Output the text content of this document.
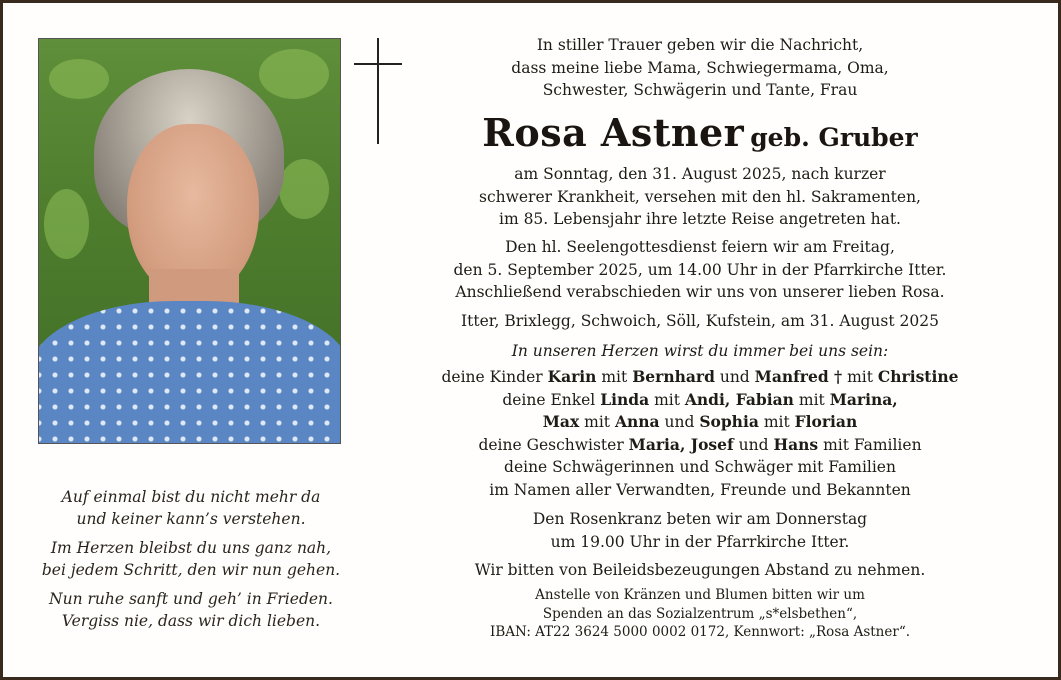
In stiller Trauer geben wir die Nachricht,
dass meine liebe Mama, Schwiegermama, Oma,
Schwester, Schwägerin und Tante, Frau
Rosa Astner geb. Gruber
am Sonntag, den 31. August 2025, nach kurzer
schwerer Krankheit, versehen mit den hl. Sakramenten,
im 85. Lebensjahr ihre letzte Reise angetreten hat.
Den hl. Seelengottesdienst feiern wir am Freitag,
den 5. September 2025, um 14.00 Uhr in der Pfarrkirche Itter.
Anschließend verabschieden wir uns von unserer lieben Rosa.
Itter, Brixlegg, Schwoich, Söll, Kufstein, am 31. August 2025
In unseren Herzen wirst du immer bei uns sein:
deine Kinder Karin mit Bernhard und Manfred † mit Christine
deine Enkel Linda mit Andi, Fabian mit Marina,
Max mit Anna und Sophia mit Florian
deine Geschwister Maria, Josef und Hans mit Familien
deine Schwägerinnen und Schwäger mit Familien
im Namen aller Verwandten, Freunde und Bekannten
Den Rosenkranz beten wir am Donnerstag
um 19.00 Uhr in der Pfarrkirche Itter.
Wir bitten von Beileidsbezeugungen Abstand zu nehmen.
Anstelle von Kränzen und Blumen bitten wir um
Spenden an das Sozialzentrum „s*elsbethen“,
IBAN: AT22 3624 5000 0002 0172, Kennwort: „Rosa Astner“.
Auf einmal bist du nicht mehr da
und keiner kann’s verstehen.
Im Herzen bleibst du uns ganz nah,
bei jedem Schritt, den wir nun gehen.
Nun ruhe sanft und geh’ in Frieden.
Vergiss nie, dass wir dich lieben.
